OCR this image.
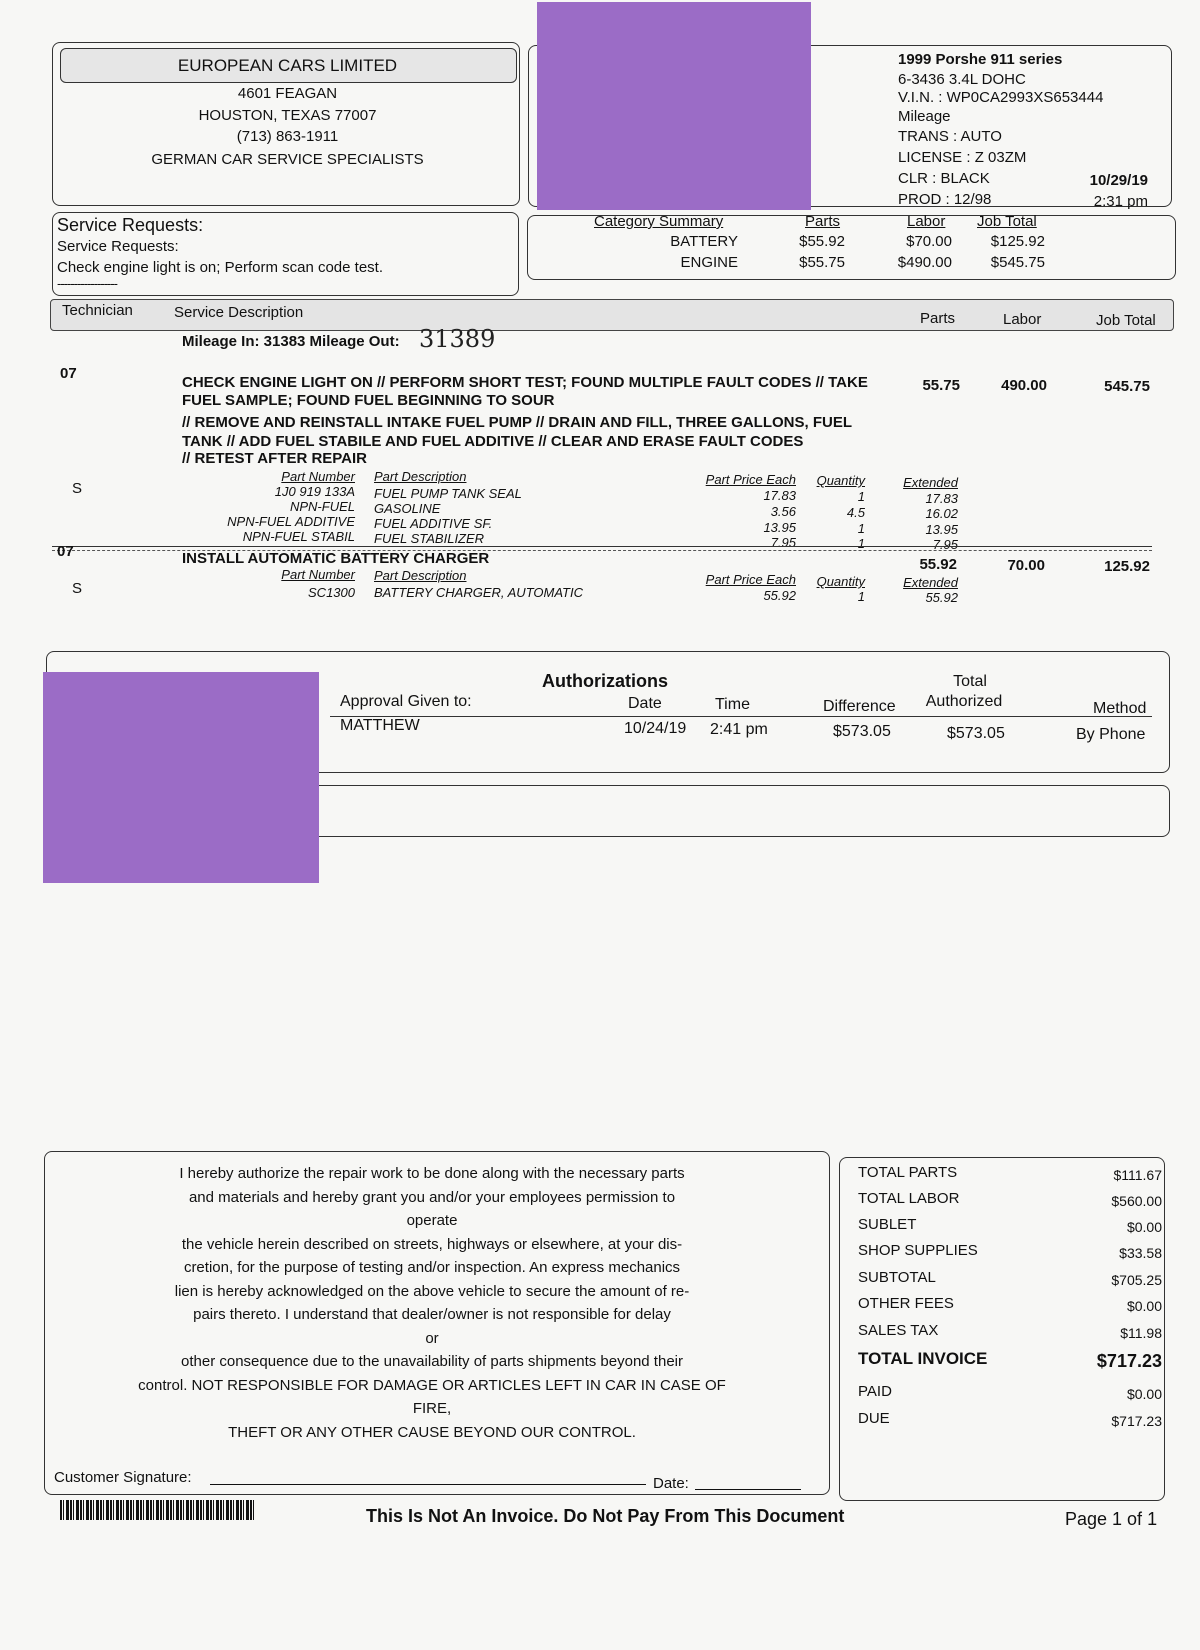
EUROPEAN CARS LIMITED
4601 FEAGAN
HOUSTON, TEXAS 77007
(713) 863-1911
GERMAN CAR SERVICE SPECIALISTS
1999 Porshe 911 series
6-3436 3.4L DOHC
V.I.N. : WP0CA2993XS653444
Mileage
TRANS : AUTO
LICENSE : Z 03ZM
CLR : BLACK
PROD : 12/98
10/29/19
2:31 pm
Service Requests:
Service Requests:
Check engine light is on; Perform scan code test.
------------------
Category Summary	Parts	Labor Job Total
BATTERY	$55.92	$70.00	$125.92
ENGINE	$55.75	$490.00	$545.75
Technician	Service Description	Parts	Labor	Job Total
Mileage In: 31383 Mileage Out: 31389
07
CHECK ENGINE LIGHT ON // PERFORM SHORT TEST; FOUND MULTIPLE FAULT CODES // TAKE
FUEL SAMPLE; FOUND FUEL BEGINNING TO SOUR
// REMOVE AND REINSTALL INTAKE FUEL PUMP // DRAIN AND FILL, THREE GALLONS, FUEL
TANK // ADD FUEL STABILE AND FUEL ADDITIVE // CLEAR AND ERASE FAULT CODES
// RETEST AFTER REPAIR
55.75	490.00	545.75
S
Part Number Part Description	Part Price Each	Quantity	Extended
1J0 919 133A FUEL PUMP TANK SEAL	17.83	1	17.83
NPN-FUEL GASOLINE	3.56	4.5	16.02
NPN-FUEL ADDITIVE FUEL ADDITIVE SF.	13.95	1	13.95
NPN-FUEL STABIL FUEL STABILIZER	7.95	1	7.95
07	INSTALL AUTOMATIC BATTERY CHARGER	55.92	70.00	125.92
S
Part Number Part Description	Part Price Each	Quantity	Extended
SC1300 BATTERY CHARGER, AUTOMATIC	55.92	1	55.92
Authorizations
Approval Given to:	Date	Time	Difference
Total
Authorized	Method
MATTHEW	10/24/19 2:41 pm	$573.05	$573.05	By Phone

I hereby authorize the repair work to be done along with the necessary parts

and materials and hereby grant you and/or your employees permission to

operate

the vehicle herein described on streets, highways or elsewhere, at your dis-

cretion, for the purpose of testing and/or inspection. An express mechanics

lien is hereby acknowledged on the above vehicle to secure the amount of re-

pairs thereto. I understand that dealer/owner is not responsible for delay

or

other consequence due to the unavailability of parts shipments beyond their

control. NOT RESPONSIBLE FOR DAMAGE OR ARTICLES LEFT IN CAR IN CASE OF

FIRE,

THEFT OR ANY OTHER CAUSE BEYOND OUR CONTROL.

Customer Signature:	Date:
TOTAL PARTS	$111.67
TOTAL LABOR	$560.00
SUBLET	$0.00
SHOP SUPPLIES	$33.58
SUBTOTAL	$705.25
OTHER FEES	$0.00
SALES TAX	$11.98
TOTAL INVOICE	$717.23
PAID	$0.00
DUE	$717.23
This Is Not An Invoice. Do Not Pay From This Document	Page 1 of 1
